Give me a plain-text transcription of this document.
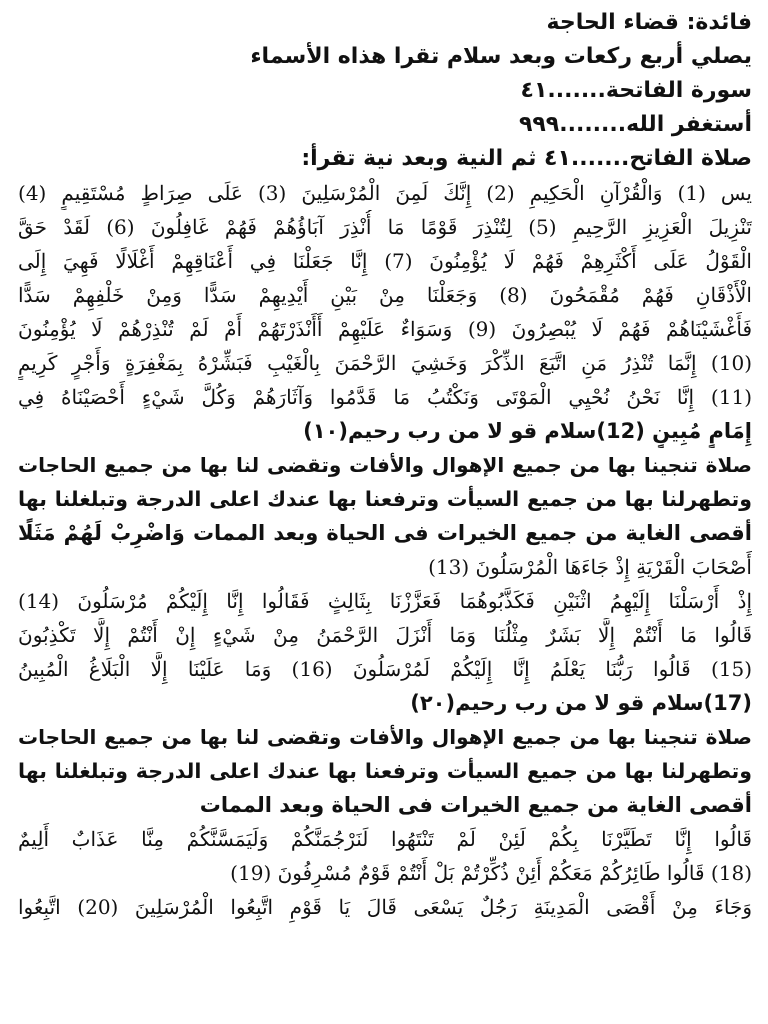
فائدة: قضاء الحاجة
يصلي أربع ركعات وبعد سلام تقرا هذاه الأسماء
سورة الفاتحة.......٤١
أستغفر الله........٩٩٩
صلاة الفاتح.......٤١ ثم النية وبعد نية تقرأ:
يس (1) وَالْقُرْآنِ الْحَكِيمِ (2) إِنَّكَ لَمِنَ الْمُرْسَلِينَ (3) عَلَى صِرَاطٍ مُسْتَقِيمٍ (4)
تَنْزِيلَ الْعَزِيزِ الرَّحِيمِ (5) لِتُنْذِرَ قَوْمًا مَا أُنْذِرَ آبَاؤُهُمْ فَهُمْ غَافِلُونَ (6) لَقَدْ حَقَّ
الْقَوْلُ عَلَى أَكْثَرِهِمْ فَهُمْ لَا يُؤْمِنُونَ (7) إِنَّا جَعَلْنَا فِي أَعْنَاقِهِمْ أَغْلَالًا فَهِيَ إِلَى
الْأَذْقَانِ فَهُمْ مُقْمَحُونَ (8) وَجَعَلْنَا مِنْ بَيْنِ أَيْدِيهِمْ سَدًّا وَمِنْ خَلْفِهِمْ سَدًّا
فَأَغْشَيْنَاهُمْ فَهُمْ لَا يُبْصِرُونَ (9) وَسَوَاءٌ عَلَيْهِمْ أَأَنْذَرْتَهُمْ أَمْ لَمْ تُنْذِرْهُمْ لَا يُؤْمِنُونَ
(10) إِنَّمَا تُنْذِرُ مَنِ اتَّبَعَ الذِّكْرَ وَخَشِيَ الرَّحْمَنَ بِالْغَيْبِ فَبَشِّرْهُ بِمَغْفِرَةٍ وَأَجْرٍ كَرِيمٍ
(11) إِنَّا نَحْنُ نُحْيِي الْمَوْتَى وَنَكْتُبُ مَا قَدَّمُوا وَآثَارَهُمْ وَكُلَّ شَيْءٍ أَحْصَيْنَاهُ فِي
إِمَامٍ مُبِينٍ (12)سلام قو لا من رب رحيم(١٠)
صلاة تنجينا بها من جميع الإهوال والأفات وتقضى لنا بها من جميع الحاجات
وتطهرلنا بها من جميع السيأت وترفعنا بها عندك اعلى الدرجة وتبلغلنا بها
أقصى الغاية من جميع الخيرات فى الحياة وبعد الممات وَاضْرِبْ لَهُمْ مَثَلًا
أَصْحَابَ الْقَرْيَةِ إِذْ جَاءَهَا الْمُرْسَلُونَ (13)
إِذْ أَرْسَلْنَا إِلَيْهِمُ اثْنَيْنِ فَكَذَّبُوهُمَا فَعَزَّزْنَا بِثَالِثٍ فَقَالُوا إِنَّا إِلَيْكُمْ مُرْسَلُونَ (14)
قَالُوا مَا أَنْتُمْ إِلَّا بَشَرٌ مِثْلُنَا وَمَا أَنْزَلَ الرَّحْمَنُ مِنْ شَيْءٍ إِنْ أَنْتُمْ إِلَّا تَكْذِبُونَ
(15) قَالُوا رَبُّنَا يَعْلَمُ إِنَّا إِلَيْكُمْ لَمُرْسَلُونَ (16) وَمَا عَلَيْنَا إِلَّا الْبَلَاغُ الْمُبِينُ
(17)سلام قو لا من رب رحيم(٢٠)
صلاة تنجينا بها من جميع الإهوال والأفات وتقضى لنا بها من جميع الحاجات
وتطهرلنا بها من جميع السيأت وترفعنا بها عندك اعلى الدرجة وتبلغلنا بها
أقصى الغاية من جميع الخيرات فى الحياة وبعد الممات
قَالُوا إِنَّا تَطَيَّرْنَا بِكُمْ لَئِنْ لَمْ تَنْتَهُوا لَنَرْجُمَنَّكُمْ وَلَيَمَسَّنَّكُمْ مِنَّا عَذَابٌ أَلِيمٌ
(18) قَالُوا طَائِرُكُمْ مَعَكُمْ أَئِنْ ذُكِّرْتُمْ بَلْ أَنْتُمْ قَوْمٌ مُسْرِفُونَ (19)
وَجَاءَ مِنْ أَقْصَى الْمَدِينَةِ رَجُلٌ يَسْعَى قَالَ يَا قَوْمِ اتَّبِعُوا الْمُرْسَلِينَ (20) اتَّبِعُوا
